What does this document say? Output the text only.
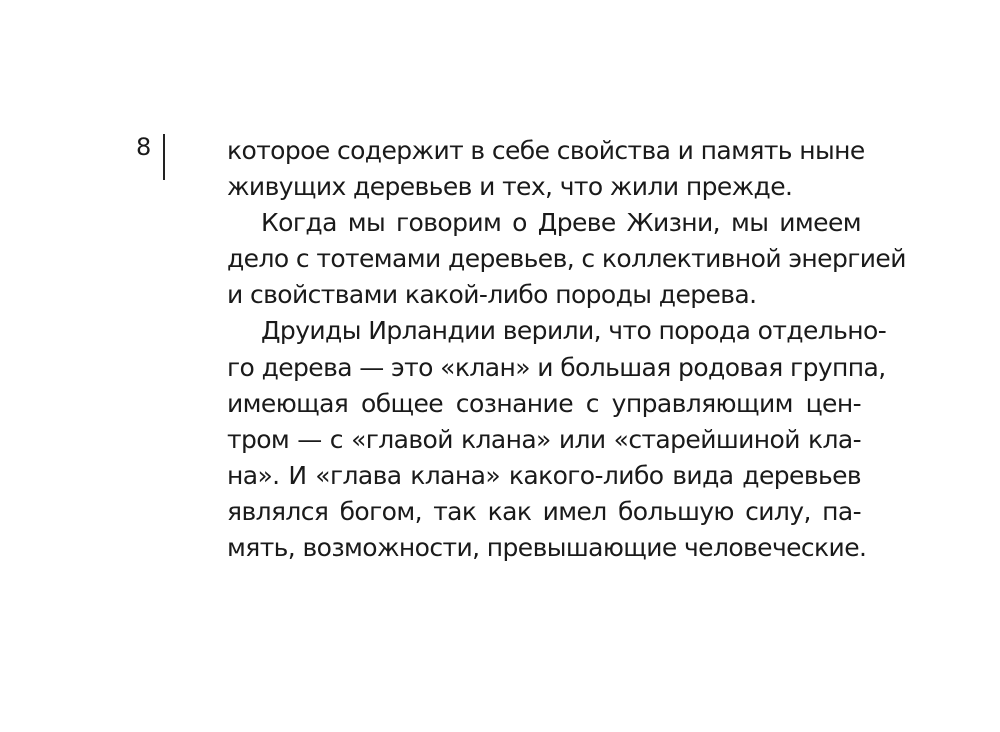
8	которое содержит в себе свойства и память ныне
живущих деревьев и тех, что жили прежде.
Когда мы говорим о Древе Жизни, мы имеем
дело с тотемами деревьев, с коллективной энергией
и свойствами какой-либо породы дерева.
Друиды Ирландии верили, что порода отдельно-
го дерева — это «клан» и большая родовая группа,
имеющая общее сознание с управляющим цен-
тром — с «главой клана» или «старейшиной кла-
на». И «глава клана» какого-либо вида деревьев
являлся богом, так как имел большую силу, па-
мять, возможности, превышающие человеческие.
